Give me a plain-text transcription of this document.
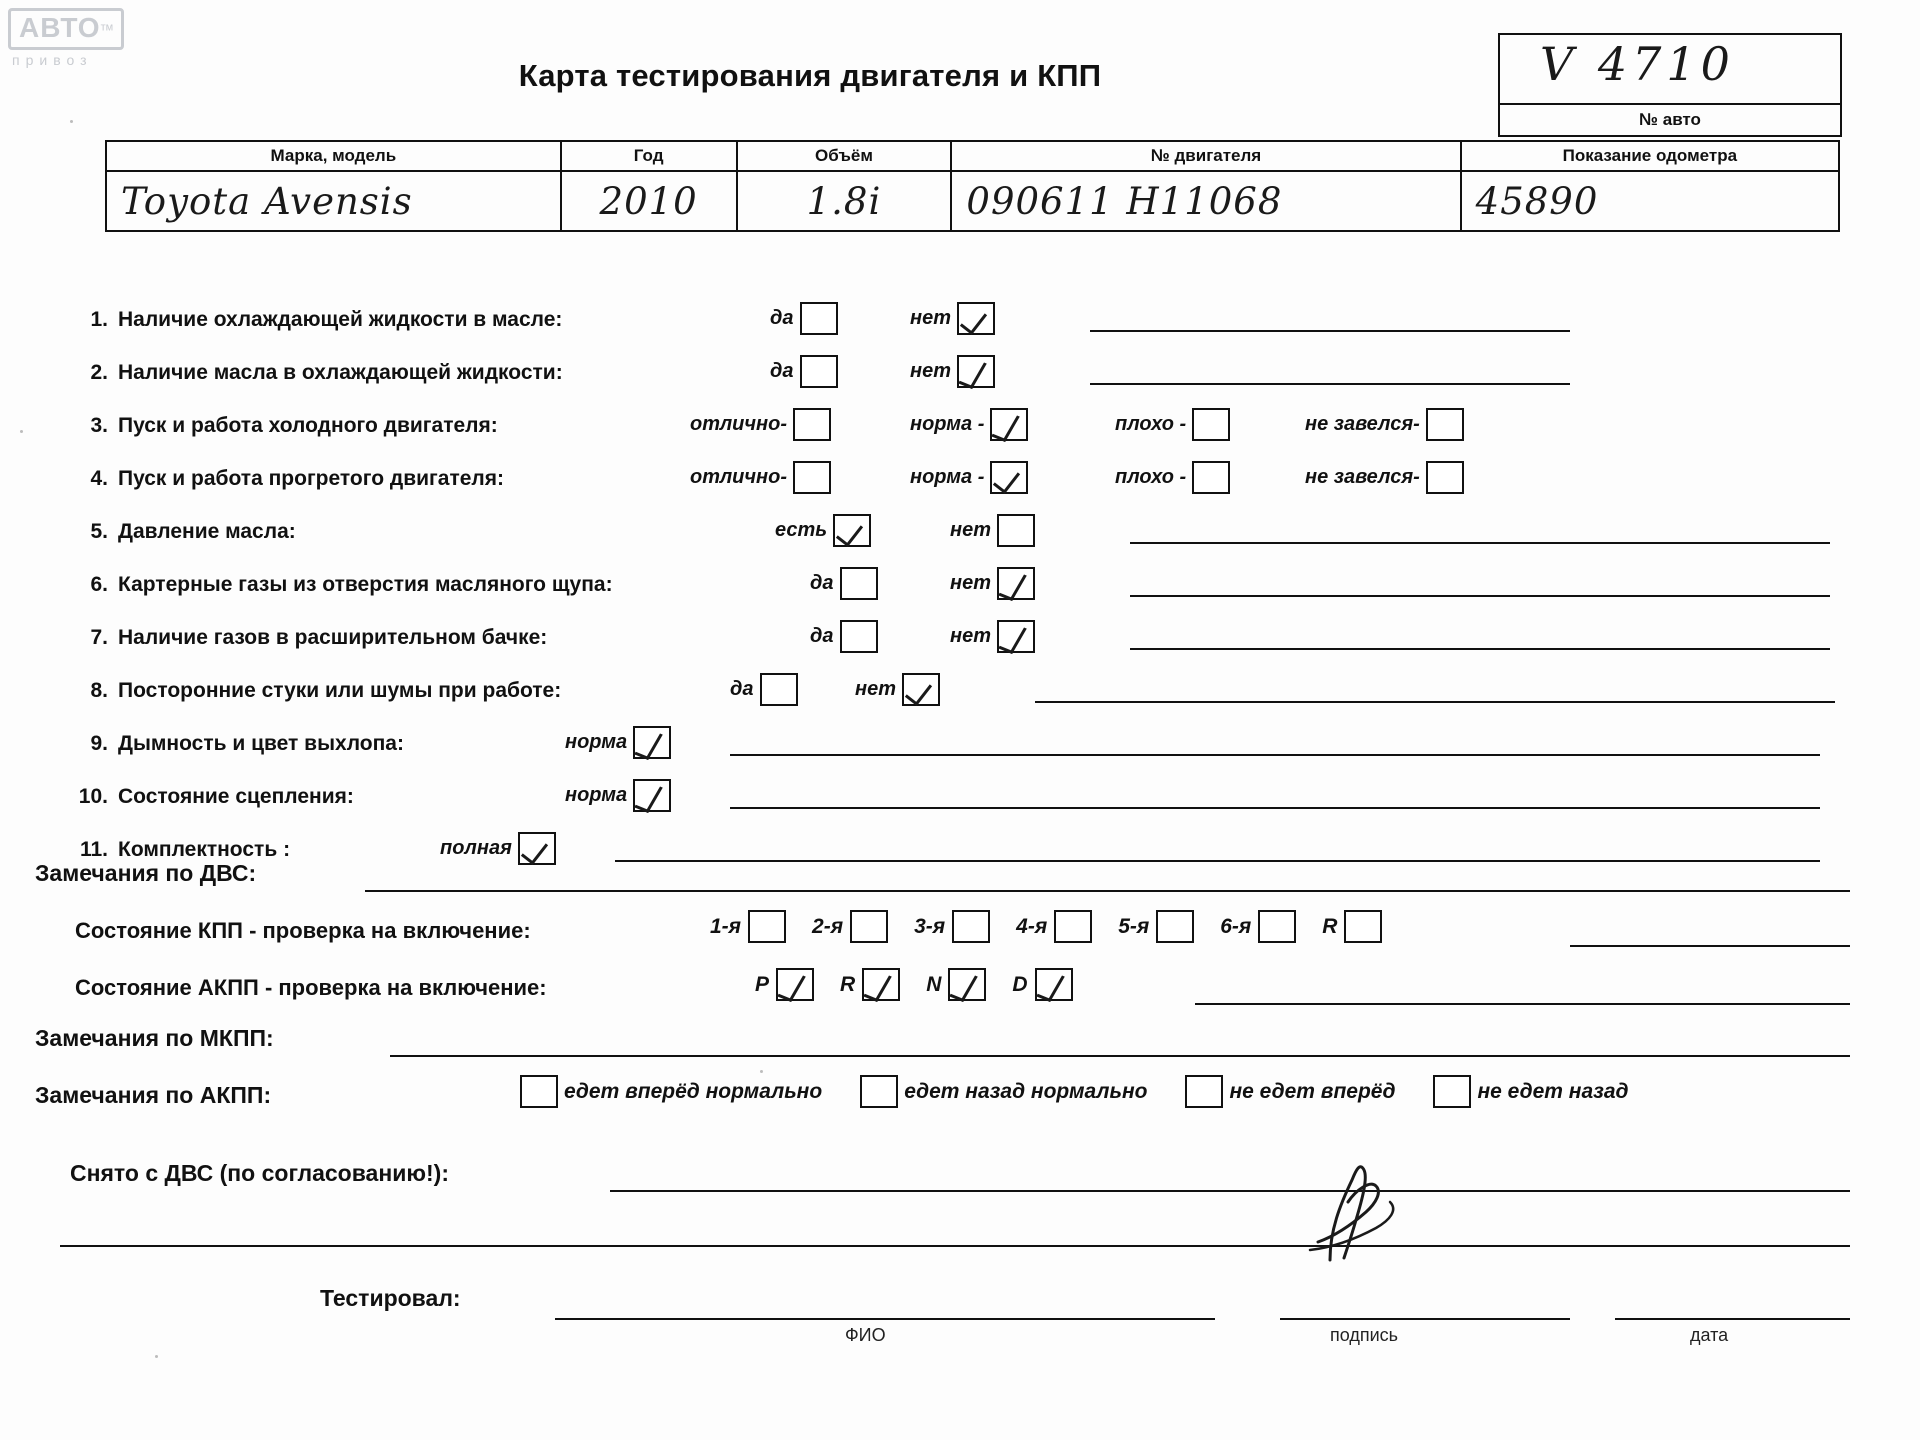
$АВТО^{тм}$
привоз	Карта тестирования двигателя и КПП	V 4710
№ авто
Марка, модель	Год	Объём	№ двигателя	Показание одометра
Toyota Avensis	2010	1.8i	090611 Н11068	45890
1. Наличие охлаждающей жидкости в масле:	да	нет
2. Наличие масла в охлаждающей жидкости:	да	нет
3. Пуск и работа холодного двигателя:	отлично-	норма -	плохо -	не завелся-
4. Пуск и работа прогретого двигателя:	отлично-	норма -	плохо -	не завелся-
5. Давление масла:	есть	нет
6. Картерные газы из отверстия масляного щупа:	да	нет
7. Наличие газов в расширительном бачке:	да	нет
8. Посторонние стуки или шумы при работе:	да	нет
9. Дымность и цвет выхлопа:	норма
10. Состояние сцепления:	норма
11. Комплектность :	полная
Замечания по ДВС:
Состояние КПП - проверка на включение:	1-я	2-я	3-я	4-я	5-я	6-я	R
Состояние АКПП - проверка на включение:	P	R	N	D
Замечания по МКПП:
Замечания по АКПП:	едет вперёд нормально	едет назад нормально	не едет вперёд	не едет назад
Снято с ДВС (по согласованию!):
Тестировал:
ФИО	подпись	дата
